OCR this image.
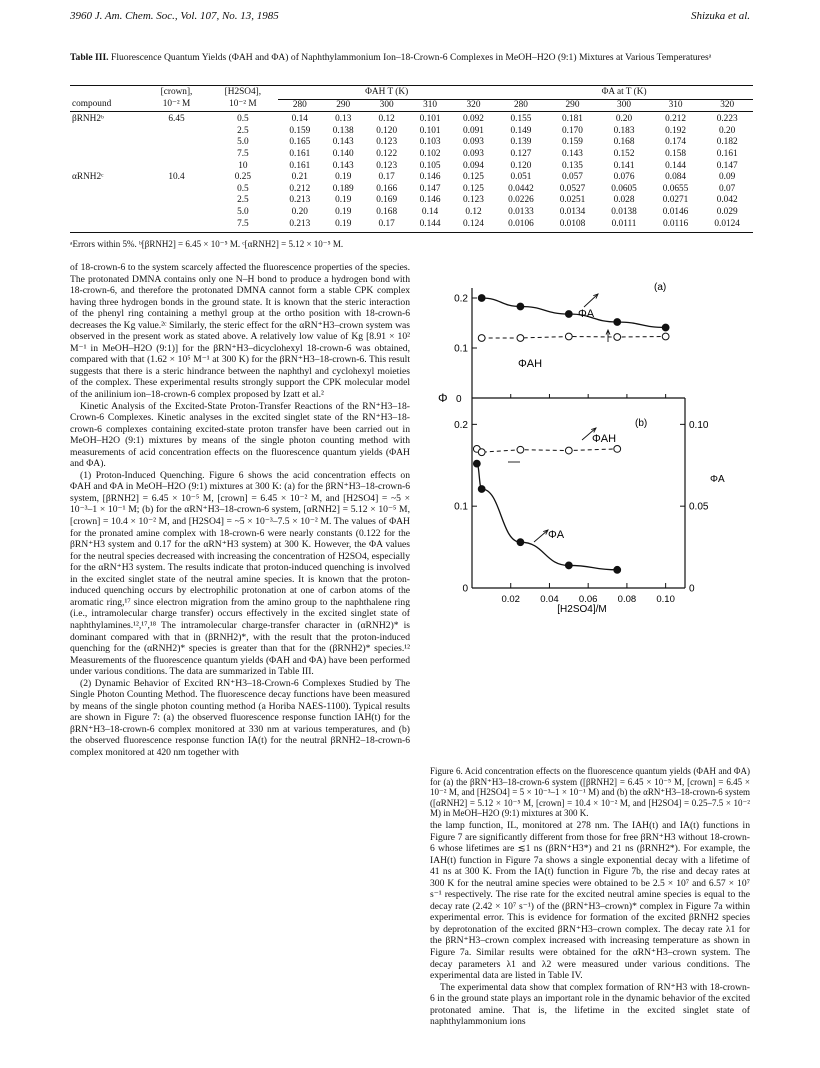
3960 J. Am. Chem. Soc., Vol. 107, No. 13, 1985	Shizuka et al.
Table III. Fluorescence Quantum Yields (ΦAH and ΦA) of Naphthylammonium Ion–18-Crown-6 Complexes in MeOH–H2O (9:1) Mixtures at Various Temperaturesᵃ
	[crown],	[H2SO4],	ΦAH T (K)					ΦA at T (K)				
compound	10⁻² M	10⁻² M	280	290	300	310	320	280	290	300	310	320
βRNH2ᵇ	6.45	0.5	0.14	0.13	0.12	0.101	0.092	0.155	0.181	0.20	0.212	0.223
		2.5	0.159	0.138	0.120	0.101	0.091	0.149	0.170	0.183	0.192	0.20
		5.0	0.165	0.143	0.123	0.103	0.093	0.139	0.159	0.168	0.174	0.182
		7.5	0.161	0.140	0.122	0.102	0.093	0.127	0.143	0.152	0.158	0.161
		10	0.161	0.143	0.123	0.105	0.094	0.120	0.135	0.141	0.144	0.147
αRNH2ᶜ	10.4	0.25	0.21	0.19	0.17	0.146	0.125	0.051	0.057	0.076	0.084	0.09
		0.5	0.212	0.189	0.166	0.147	0.125	0.0442	0.0527	0.0605	0.0655	0.07
		2.5	0.213	0.19	0.169	0.146	0.123	0.0226	0.0251	0.028	0.0271	0.042
		5.0	0.20	0.19	0.168	0.14	0.12	0.0133	0.0134	0.0138	0.0146	0.029
		7.5	0.213	0.19	0.17	0.144	0.124	0.0106	0.0108	0.0111	0.0116	0.0124
ᵃErrors within 5%. ᵇ[βRNH2] = 6.45 × 10⁻⁵ M. ᶜ[αRNH2] = 5.12 × 10⁻⁵ M.

of 18-crown-6 to the system scarcely affected the fluorescence properties of the species. The protonated DMNA contains only one N–H bond to produce a hydrogen bond with 18-crown-6, and therefore the protonated DMNA cannot form a stable CPK complex having three hydrogen bonds in the ground state. It is known that the steric interaction of the phenyl ring containing a methyl group at the ortho position with 18-crown-6 decreases the Kg value.²ᶜ Similarly, the steric effect for the αRN⁺H3–crown system was observed in the present work as stated above. A relatively low value of Kg [8.91 × 10² M⁻¹ in MeOH–H2O (9:1)] for the βRN⁺H3–dicyclohexyl 18-crown-6 was obtained, compared with that (1.62 × 10⁵ M⁻¹ at 300 K) for the βRN⁺H3–18-crown-6. This result suggests that there is a steric hindrance between the naphthyl and cyclohexyl moieties of the complex. These experimental results strongly support the CPK molecular model of the anilinium ion–18-crown-6 complex proposed by Izatt et al.²

Kinetic Analysis of the Excited-State Proton-Transfer Reactions of the RN⁺H3–18-Crown-6 Complexes. Kinetic analyses in the excited singlet state of the RN⁺H3–18-crown-6 complexes containing excited-state proton transfer have been carried out in MeOH–H2O (9:1) mixtures by means of the single photon counting method with measurements of acid concentration effects on the fluorescence quantum yields (ΦAH and ΦA).

(1) Proton-Induced Quenching. Figure 6 shows the acid concentration effects on ΦAH and ΦA in MeOH–H2O (9:1) mixtures at 300 K: (a) for the βRN⁺H3–18-crown-6 system, [βRNH2] = 6.45 × 10⁻⁵ M, [crown] = 6.45 × 10⁻² M, and [H2SO4] = ~5 × 10⁻³–1 × 10⁻¹ M; (b) for the αRN⁺H3–18-crown-6 system, [αRNH2] = 5.12 × 10⁻⁵ M, [crown] = 10.4 × 10⁻² M, and [H2SO4] = ~5 × 10⁻³–7.5 × 10⁻² M. The values of ΦAH for the pronated amine complex with 18-crown-6 were nearly constants (0.122 for the βRN⁺H3 system and 0.17 for the αRN⁺H3 system) at 300 K. However, the ΦA values for the neutral species decreased with increasing the concentration of H2SO4, especially for the αRN⁺H3 system. The results indicate that proton-induced quenching is involved in the excited singlet state of the neutral amine species. It is known that the proton-induced quenching occurs by electrophilic protonation at one of carbon atoms of the aromatic ring,¹⁷ since electron migration from the amino group to the naphthalene ring (i.e., intramolecular charge transfer) occurs effectively in the excited singlet state of naphthylamines.¹²,¹⁷,¹⁸ The intramolecular charge-transfer character in (αRNH2)* is dominant compared with that in (βRNH2)*, with the result that the proton-induced quenching for the (αRNH2)* species is greater than that for the (βRNH2)* species.¹² Measurements of the fluorescence quantum yields (ΦAH and ΦA) have been performed under various conditions. The data are summarized in Table III.

(2) Dynamic Behavior of Excited RN⁺H3–18-Crown-6 Complexes Studied by The Single Photon Counting Method. The fluorescence decay functions have been measured by means of the single photon counting method (a Horiba NAES-1100). Typical results are shown in Figure 7: (a) the observed fluorescence response function IAH(t) for the βRN⁺H3–18-crown-6 complex monitored at 330 nm at various temperatures, and (b) the observed fluorescence response function IA(t) for the neutral βRNH2–18-crown-6 complex monitored at 420 nm together with

(a)
(b)
Φ 0
ΦA
[H2SO4]/M
0.2
0.1
0.2
0.1
0
0.10
0.05
0
0.02 0.04 0.06 0.08 0.10
ΦA
ΦAH
ΦAH
ΦA
Figure 6. Acid concentration effects on the fluorescence quantum yields (ΦAH and ΦA) for (a) the βRN⁺H3–18-crown-6 system ([βRNH2] = 6.45 × 10⁻⁵ M, [crown] = 6.45 × 10⁻² M, and [H2SO4] = 5 × 10⁻³–1 × 10⁻¹ M) and (b) the αRN⁺H3–18-crown-6 system ([αRNH2] = 5.12 × 10⁻⁵ M, [crown] = 10.4 × 10⁻² M, and [H2SO4] = 0.25–7.5 × 10⁻² M) in MeOH–H2O (9:1) mixtures at 300 K.

the lamp function, IL, monitored at 278 nm. The IAH(t) and IA(t) functions in Figure 7 are significantly different from those for free βRN⁺H3 without 18-crown-6 whose lifetimes are ≲1 ns (βRN⁺H3*) and 21 ns (βRNH2*). For example, the IAH(t) function in Figure 7a shows a single exponential decay with a lifetime of 41 ns at 300 K. From the IA(t) function in Figure 7b, the rise and decay rates at 300 K for the neutral amine species were obtained to be 2.5 × 10⁷ and 6.57 × 10⁷ s⁻¹ respectively. The rise rate for the excited neutral amine species is equal to the decay rate (2.42 × 10⁷ s⁻¹) of the (βRN⁺H3–crown)* complex in Figure 7a within experimental error. This is evidence for formation of the excited βRNH2 species by deprotonation of the excited βRN⁺H3–crown complex. The decay rate λ1 for the βRN⁺H3–crown complex increased with increasing temperature as shown in Figure 7a. Similar results were obtained for the αRN⁺H3–crown system. The decay parameters λ1 and λ2 were measured under various conditions. The experimental data are listed in Table IV.

The experimental data show that complex formation of RN⁺H3 with 18-crown-6 in the ground state plays an important role in the dynamic behavior of the excited protonated amine. That is, the lifetime in the excited singlet state of naphthylammonium ions
